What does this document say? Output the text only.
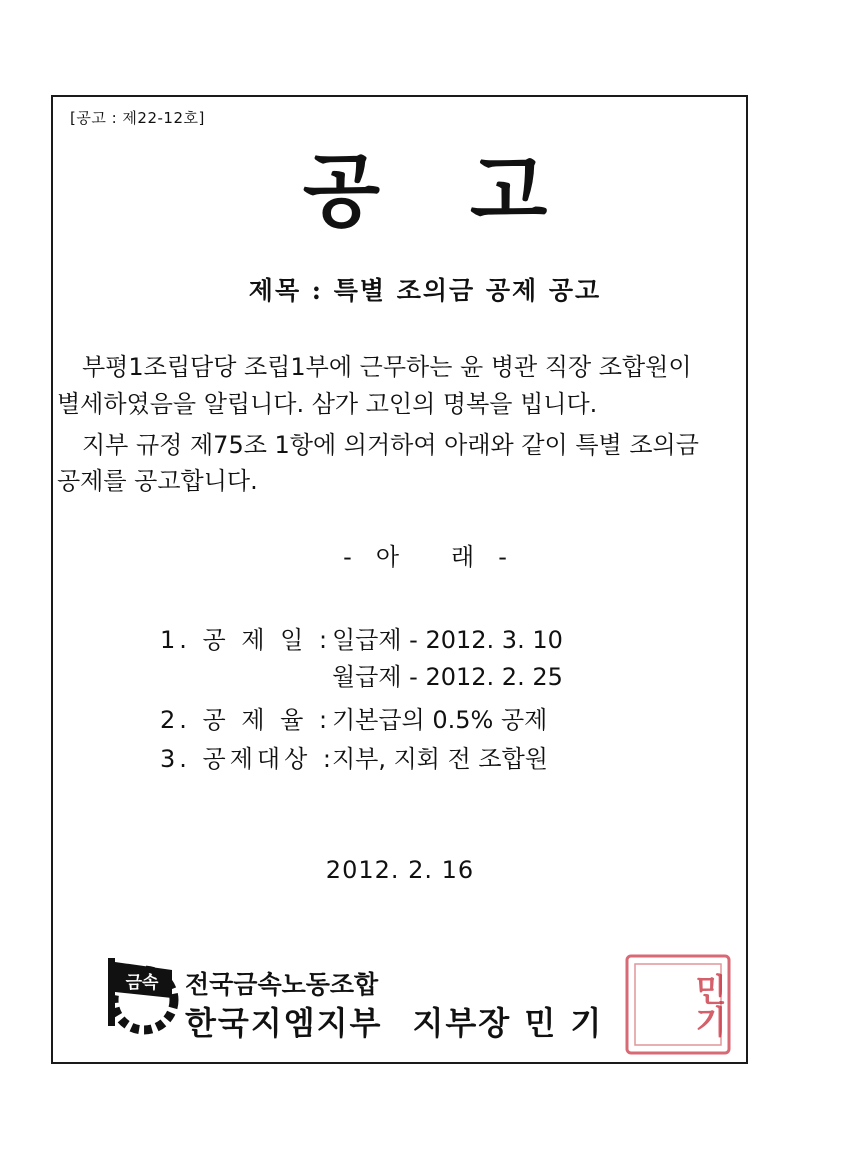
[공고 : 제22-12호]
공 고
제목 : 특별 조의금 공제 공고
부평1조립담당 조립1부에 근무하는 윤 병관 직장 조합원이
별세하였음을 알립니다. 삼가 고인의 명복을 빕니다.
지부 규정 제75조 1항에 의거하여 아래와 같이 특별 조의금
공제를 공고합니다.
- 아 래 -
1. 공 제 일 :일급제 - 2012. 3. 10
월급제 - 2012. 2. 25
2. 공 제 율 :기본급의 0.5% 공제
3. 공제대상 :지부, 지회 전 조합원
2012. 2. 16
금속 전국금속노동조합
한국지엠지부 지부장 민 기	민기
